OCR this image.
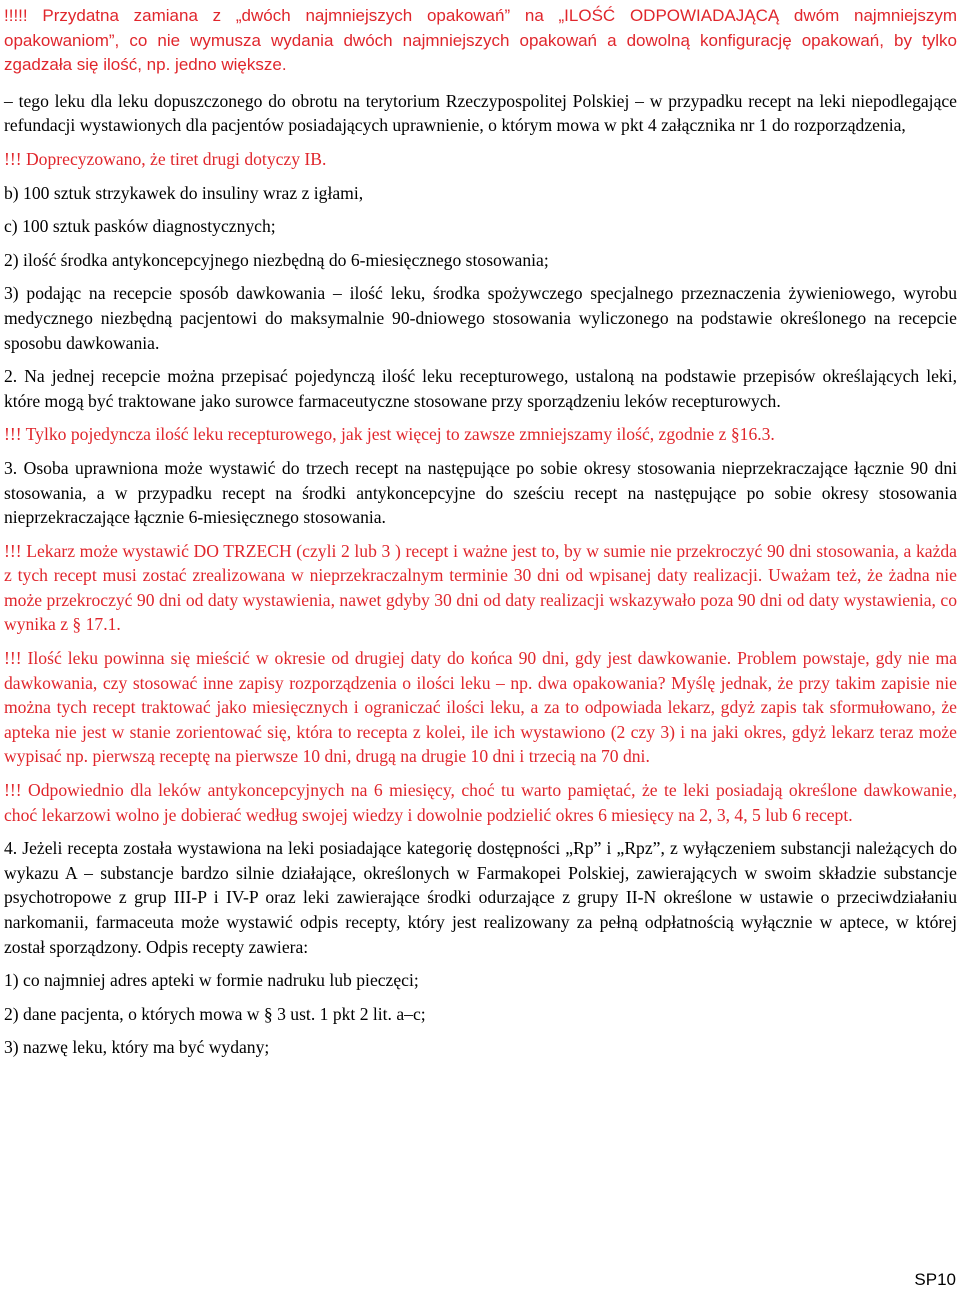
!!!!! Przydatna zamiana z „dwóch najmniejszych opakowań” na „ILOŚĆ ODPOWIADAJĄCĄ dwóm najmniejszym opakowaniom”, co nie wymusza wydania dwóch najmniejszych opakowań a dowolną konfigurację opakowań, by tylko zgadzała się ilość, np. jedno większe.

– tego leku dla leku dopuszczonego do obrotu na terytorium Rzeczypospolitej Polskiej – w przypadku recept na leki niepodlegające refundacji wystawionych dla pacjentów posiadających uprawnienie, o którym mowa w pkt 4 załącznika nr 1 do rozporządzenia,

!!! Doprecyzowano, że tiret drugi dotyczy IB.

b) 100 sztuk strzykawek do insuliny wraz z igłami,

c) 100 sztuk pasków diagnostycznych;

2) ilość środka antykoncepcyjnego niezbędną do 6-miesięcznego stosowania;

3) podając na recepcie sposób dawkowania – ilość leku, środka spożywczego specjalnego przeznaczenia żywieniowego, wyrobu medycznego niezbędną pacjentowi do maksymalnie 90-dniowego stosowania wyliczonego na podstawie określonego na recepcie sposobu dawkowania.

2. Na jednej recepcie można przepisać pojedynczą ilość leku recepturowego, ustaloną na podstawie przepisów określających leki, które mogą być traktowane jako surowce farmaceutyczne stosowane przy sporządzeniu leków recepturowych.

!!! Tylko pojedyncza ilość leku recepturowego, jak jest więcej to zawsze zmniejszamy ilość, zgodnie z §16.3.

3. Osoba uprawniona może wystawić do trzech recept na następujące po sobie okresy stosowania nieprzekraczające łącznie 90 dni stosowania, a w przypadku recept na środki antykoncepcyjne do sześciu recept na następujące po sobie okresy stosowania nieprzekraczające łącznie 6-miesięcznego stosowania.

!!! Lekarz może wystawić DO TRZECH (czyli 2 lub 3 ) recept i ważne jest to, by w sumie nie przekroczyć 90 dni stosowania, a każda z tych recept musi zostać zrealizowana w nieprzekraczalnym terminie 30 dni od wpisanej daty realizacji. Uważam też, że żadna nie może przekroczyć 90 dni od daty wystawienia, nawet gdyby 30 dni od daty realizacji wskazywało poza 90 dni od daty wystawienia, co wynika z § 17.1.

!!! Ilość leku powinna się mieścić w okresie od drugiej daty do końca 90 dni, gdy jest dawkowanie. Problem powstaje, gdy nie ma dawkowania, czy stosować inne zapisy rozporządzenia o ilości leku – np. dwa opakowania? Myślę jednak, że przy takim zapisie nie można tych recept traktować jako miesięcznych i ograniczać ilości leku, a za to odpowiada lekarz, gdyż zapis tak sformułowano, że apteka nie jest w stanie zorientować się, która to recepta z kolei, ile ich wystawiono (2 czy 3) i na jaki okres, gdyż lekarz teraz może wypisać np. pierwszą receptę na pierwsze 10 dni, drugą na drugie 10 dni i trzecią na 70 dni.

!!! Odpowiednio dla leków antykoncepcyjnych na 6 miesięcy, choć tu warto pamiętać, że te leki posiadają określone dawkowanie, choć lekarzowi wolno je dobierać według swojej wiedzy i dowolnie podzielić okres 6 miesięcy na 2, 3, 4, 5 lub 6 recept.

4. Jeżeli recepta została wystawiona na leki posiadające kategorię dostępności „Rp” i „Rpz”, z wyłączeniem substancji należących do wykazu A – substancje bardzo silnie działające, określonych w Farmakopei Polskiej, zawierających w swoim składzie substancje psychotropowe z grup III-P i IV-P oraz leki zawierające środki odurzające z grupy II-N określone w ustawie o przeciwdziałaniu narkomanii, farmaceuta może wystawić odpis recepty, który jest realizowany za pełną odpłatnością wyłącznie w aptece, w której został sporządzony. Odpis recepty zawiera:

1) co najmniej adres apteki w formie nadruku lub pieczęci;

2) dane pacjenta, o których mowa w § 3 ust. 1 pkt 2 lit. a–c;

3) nazwę leku, który ma być wydany;

SP10
